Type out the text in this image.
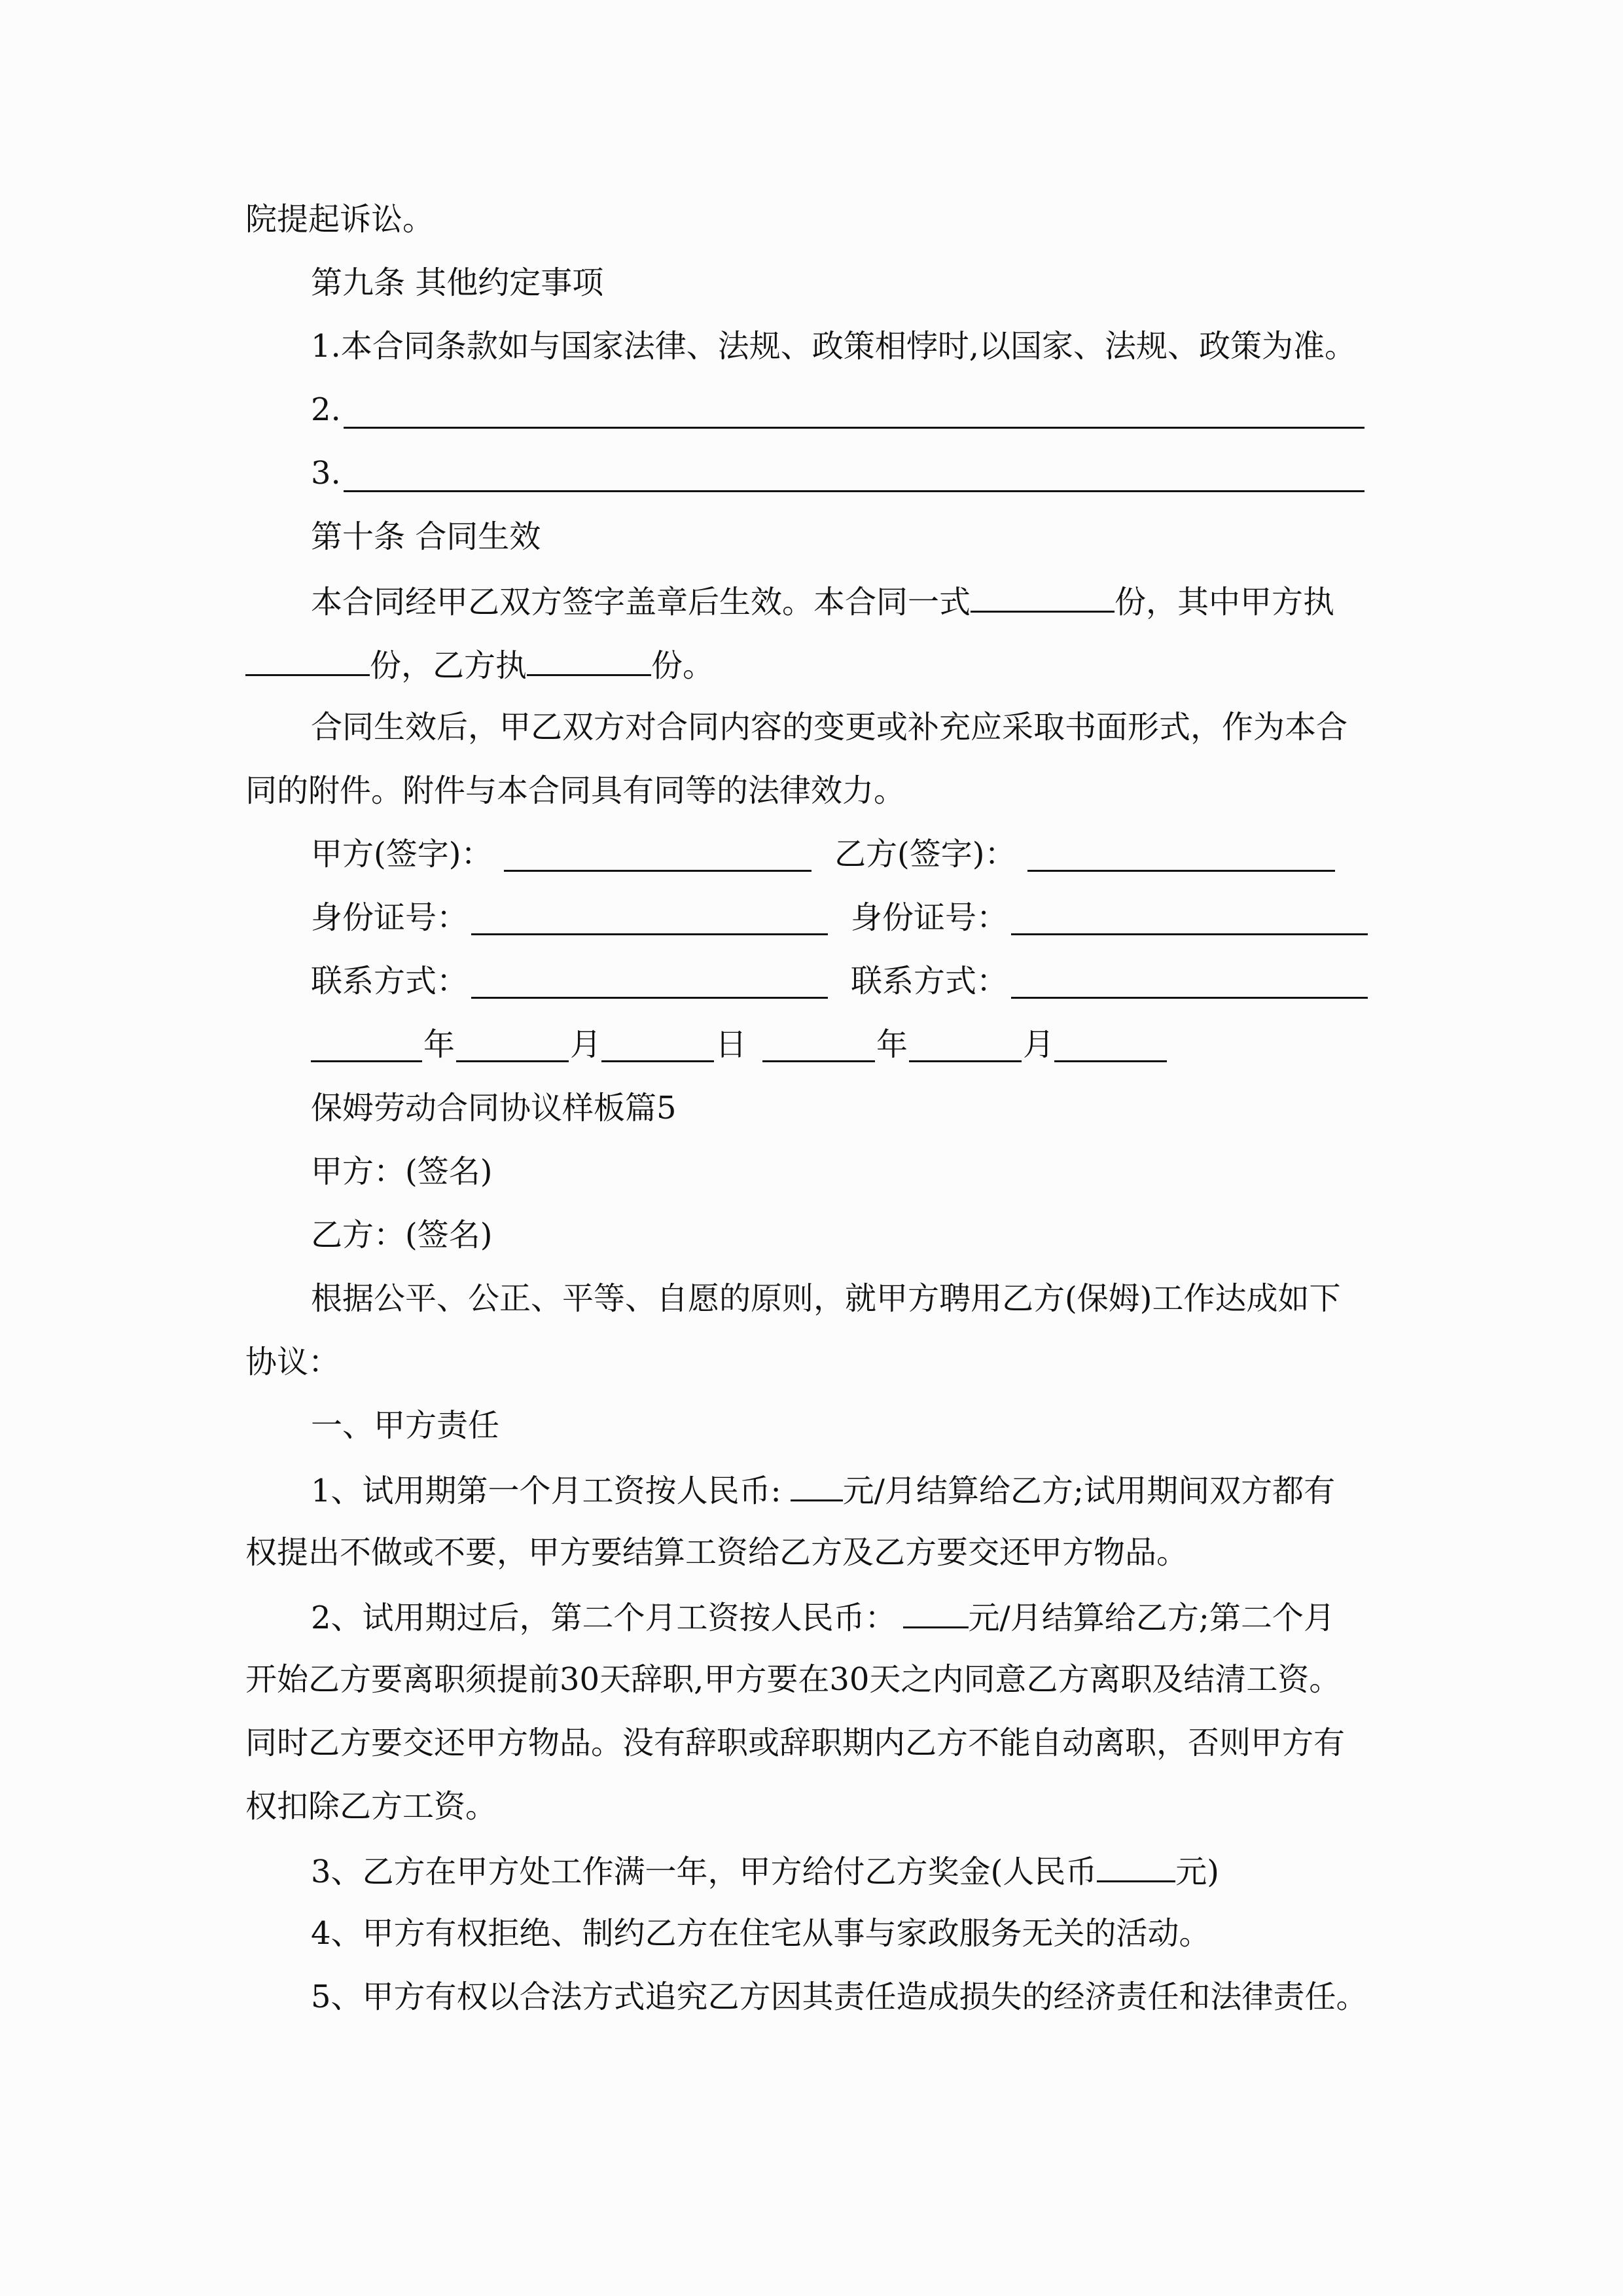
院提起诉讼。
第九条 其他约定事项
1.本合同条款如与国家法律、法规、政策相悖时,以国家、法规、政策为准。
2.
3.
第十条 合同生效
本合同经甲乙双方签字盖章后生效。本合同一式	份，其中甲方执
份，乙方执	份。
合同生效后，甲乙双方对合同内容的变更或补充应采取书面形式，作为本合
同的附件。附件与本合同具有同等的法律效力。
甲方(签字)：	乙方(签字)：
身份证号：	身份证号：
联系方式：	联系方式：
年	月	日	年	月
保姆劳动合同协议样板篇5
甲方：(签名)
乙方：(签名)
根据公平、公正、平等、自愿的原则，就甲方聘用乙方(保姆)工作达成如下
协议：
一、甲方责任
1、试用期第一个月工资按人民币: 元/月结算给乙方;试用期间双方都有
权提出不做或不要，甲方要结算工资给乙方及乙方要交还甲方物品。
2、试用期过后，第二个月工资按人民币： 元/月结算给乙方;第二个月
开始乙方要离职须提前30天辞职,甲方要在30天之内同意乙方离职及结清工资。
同时乙方要交还甲方物品。没有辞职或辞职期内乙方不能自动离职，否则甲方有
权扣除乙方工资。
3、乙方在甲方处工作满一年，甲方给付乙方奖金(人民币	元)
4、甲方有权拒绝、制约乙方在住宅从事与家政服务无关的活动。
5、甲方有权以合法方式追究乙方因其责任造成损失的经济责任和法律责任。
